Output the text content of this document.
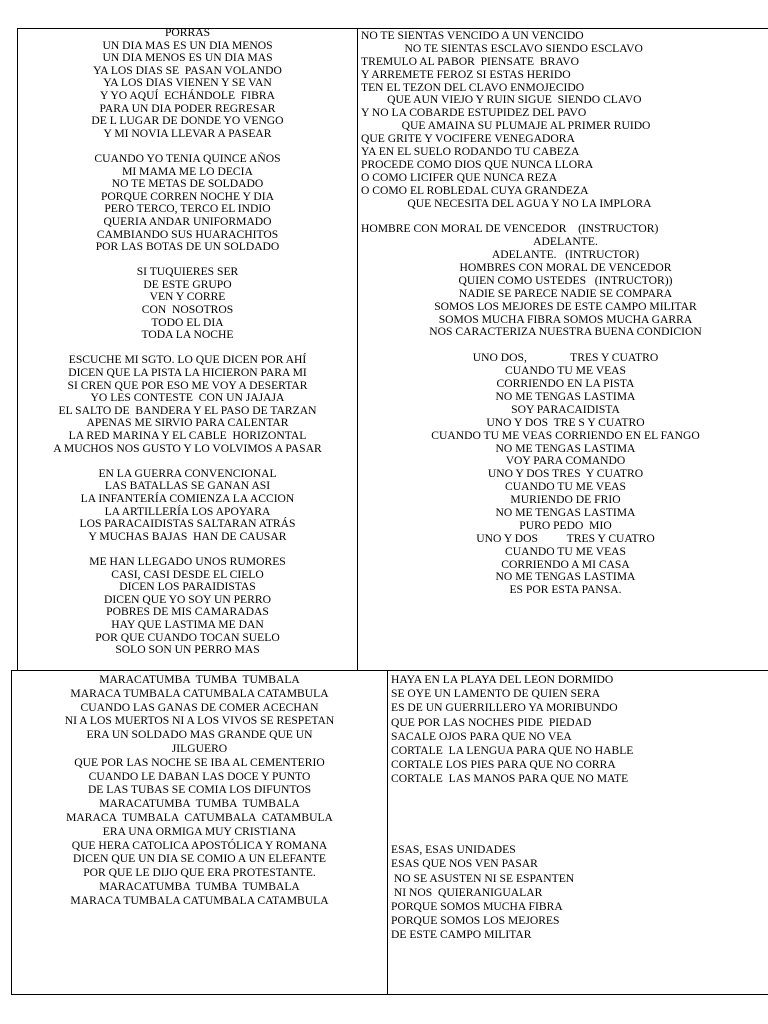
PORRAS
UN DIA MAS ES UN DIA MENOS
UN DIA MENOS ES UN DIA MAS
YA LOS DIAS SE  PASAN VOLANDO
YA LOS DIAS VIENEN Y SE VAN
Y YO AQUÍ  ECHÁNDOLE  FIBRA
PARA UN DIA PODER REGRESAR
DE L LUGAR DE DONDE YO VENGO
Y MI NOVIA LLEVAR A PASEAR
CUANDO YO TENIA QUINCE AÑOS
MI MAMA ME LO DECIA
NO TE METAS DE SOLDADO
PORQUE CORREN NOCHE Y DIA
PERO TERCO, TERCO EL INDIO
QUERIA ANDAR UNIFORMADO
CAMBIANDO SUS HUARACHITOS
POR LAS BOTAS DE UN SOLDADO
SI TUQUIERES SER
DE ESTE GRUPO
VEN Y CORRE
CON  NOSOTROS
TODO EL DIA
TODA LA NOCHE
ESCUCHE MI SGTO. LO QUE DICEN POR AHÍ
DICEN QUE LA PISTA LA HICIERON PARA MI
SI CREN QUE POR ESO ME VOY A DESERTAR
YO LES CONTESTE  CON UN JAJAJA
EL SALTO DE  BANDERA Y EL PASO DE TARZAN
APENAS ME SIRVIO PARA CALENTAR
LA RED MARINA Y EL CABLE  HORIZONTAL
A MUCHOS NOS GUSTO Y LO VOLVIMOS A PASAR
EN LA GUERRA CONVENCIONAL
LAS BATALLAS SE GANAN ASI
LA INFANTERÍA COMIENZA LA ACCION
LA ARTILLERÍA LOS APOYARA
LOS PARACAIDISTAS SALTARAN ATRÁS
Y MUCHAS BAJAS  HAN DE CAUSAR
ME HAN LLEGADO UNOS RUMORES
CASI, CASI DESDE EL CIELO
DICEN LOS PARAIDISTAS
DICEN QUE YO SOY UN PERRO
POBRES DE MIS CAMARADAS
HAY QUE LASTIMA ME DAN
POR QUE CUANDO TOCAN SUELO
SOLO SON UN PERRO MAS
NO TE SIENTAS VENCIDO A UN VENCIDO
NO TE SIENTAS ESCLAVO SIENDO ESCLAVO
TREMULO AL PABOR  PIENSATE  BRAVO
Y ARREMETE FEROZ SI ESTAS HERIDO
TEN EL TEZON DEL CLAVO ENMOJECIDO
QUE AUN VIEJO Y RUIN SIGUE  SIENDO CLAVO
Y NO LA COBARDE ESTUPIDEZ DEL PAVO
QUE AMAINA SU PLUMAJE AL PRIMER RUIDO
QUE GRITE Y VOCIFERE VENEGADORA
YA EN EL SUELO RODANDO TU CABEZA
PROCEDE COMO DIOS QUE NUNCA LLORA
O COMO LICIFER QUE NUNCA REZA
O COMO EL ROBLEDAL CUYA GRANDEZA
QUE NECESITA DEL AGUA Y NO LA IMPLORA
HOMBRE CON MORAL DE VENCEDOR    (INSTRUCTOR)
ADELANTE.
ADELANTE.   (INTRUCTOR)
HOMBRES CON MORAL DE VENCEDOR
QUIEN COMO USTEDES   (INTRUCTOR))
NADIE SE PARECE NADIE SE COMPARA
SOMOS LOS MEJORES DE ESTE CAMPO MILITAR
SOMOS MUCHA FIBRA SOMOS MUCHA GARRA
NOS CARACTERIZA NUESTRA BUENA CONDICION
UNO DOS,               TRES Y CUATRO
CUANDO TU ME VEAS
CORRIENDO EN LA PISTA
NO ME TENGAS LASTIMA
SOY PARACAIDISTA
UNO Y DOS  TRE S Y CUATRO
CUANDO TU ME VEAS CORRIENDO EN EL FANGO
NO ME TENGAS LASTIMA
VOY PARA COMANDO
UNO Y DOS TRES  Y CUATRO
CUANDO TU ME VEAS
MURIENDO DE FRIO
NO ME TENGAS LASTIMA
PURO PEDO  MIO
UNO Y DOS          TRES Y CUATRO
CUANDO TU ME VEAS
CORRIENDO A MI CASA
NO ME TENGAS LASTIMA
ES POR ESTA PANSA.
MARACATUMBA  TUMBA  TUMBALA
MARACA TUMBALA CATUMBALA CATAMBULA
CUANDO LAS GANAS DE COMER ACECHAN
NI A LOS MUERTOS NI A LOS VIVOS SE RESPETAN
ERA UN SOLDADO MAS GRANDE QUE UN
JILGUERO
QUE POR LAS NOCHE SE IBA AL CEMENTERIO
CUANDO LE DABAN LAS DOCE Y PUNTO
DE LAS TUBAS SE COMIA LOS DIFUNTOS
MARACATUMBA  TUMBA  TUMBALA
MARACA  TUMBALA  CATUMBALA  CATAMBULA
ERA UNA ORMIGA MUY CRISTIANA
QUE HERA CATOLICA APOSTÓLICA Y ROMANA
DICEN QUE UN DIA SE COMIO A UN ELEFANTE
POR QUE LE DIJO QUE ERA PROTESTANTE.
MARACATUMBA  TUMBA  TUMBALA
MARACA TUMBALA CATUMBALA CATAMBULA
HAYA EN LA PLAYA DEL LEON DORMIDO
SE OYE UN LAMENTO DE QUIEN SERA
ES DE UN GUERRILLERO YA MORIBUNDO
QUE POR LAS NOCHES PIDE  PIEDAD
SACALE OJOS PARA QUE NO VEA
CORTALE  LA LENGUA PARA QUE NO HABLE
CORTALE LOS PIES PARA QUE NO CORRA
CORTALE  LAS MANOS PARA QUE NO MATE
ESAS, ESAS UNIDADES
ESAS QUE NOS VEN PASAR
NO SE ASUSTEN NI SE ESPANTEN
NI NOS  QUIERANIGUALAR
PORQUE SOMOS MUCHA FIBRA
PORQUE SOMOS LOS MEJORES
DE ESTE CAMPO MILITAR
